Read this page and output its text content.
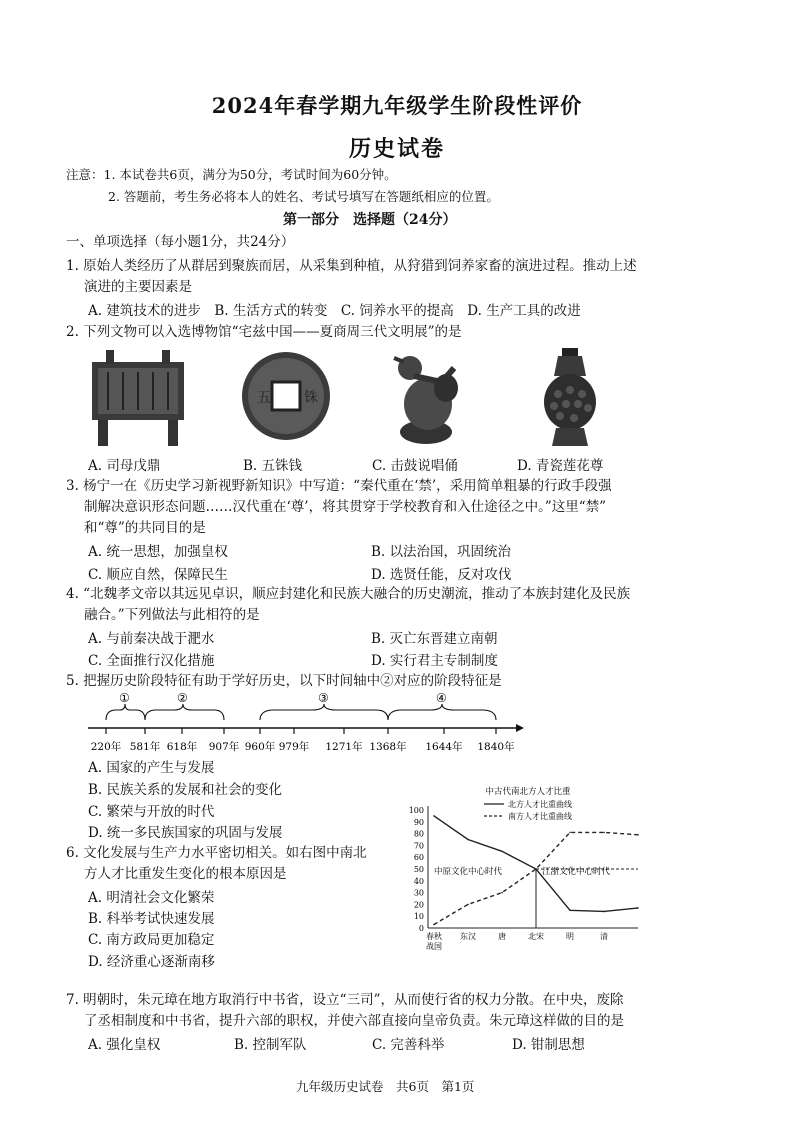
2024年春学期九年级学生阶段性评价
历史试卷
注意：1. 本试卷共6页，满分为50分，考试时间为60分钟。
2. 答题前，考生务必将本人的姓名、考试号填写在答题纸相应的位置。
第一部分　选择题（24分）
一、单项选择（每小题1分，共24分）
1. 原始人类经历了从群居到聚族而居，从采集到种植，从狩猎到饲养家畜的演进过程。推动上述
演进的主要因素是
A. 建筑技术的进步　B. 生活方式的转变　C. 饲养水平的提高　D. 生产工具的改进
2. 下列文物可以入选博物馆“宅兹中国——夏商周三代文明展”的是
五 铢
A. 司母戊鼎	B. 五铢钱	C. 击鼓说唱俑	D. 青瓷莲花尊
3. 杨宁一在《历史学习新视野新知识》中写道：“秦代重在‘禁’，采用简单粗暴的行政手段强
制解决意识形态问题……汉代重在‘尊’，将其贯穿于学校教育和入仕途径之中。”这里“禁”
和“尊”的共同目的是
A. 统一思想，加强皇权	B. 以法治国，巩固统治
C. 顺应自然，保障民生	D. 选贤任能，反对攻伐
4. “北魏孝文帝以其远见卓识，顺应封建化和民族大融合的历史潮流，推动了本族封建化及民族
融合。”下列做法与此相符的是
A. 与前秦决战于淝水	B. 灭亡东晋建立南朝
C. 全面推行汉化措施	D. 实行君主专制制度
5. 把握历史阶段特征有助于学好历史，以下时间轴中②对应的阶段特征是
①	②	③	④
220年 581年 618年 907年 960年 979年 1271年 1368年 1644年 1840年
A. 国家的产生与发展
B. 民族关系的发展和社会的变化
C. 繁荣与开放的时代
D. 统一多民族国家的巩固与发展
6. 文化发展与生产力水平密切相关。如右图中南北
方人才比重发生变化的根本原因是
A. 明清社会文化繁荣
B. 科举考试快速发展
C. 南方政局更加稳定
D. 经济重心逐渐南移
中古代南北方人才比重
北方人才比重曲线
南方人才比重曲线
0
10
20
30
40
50
60
70
80
90
100
春秋
战国
东汉	唐	北宋	明	清
中原文化中心时代	江浙文化中心时代
7. 明朝时，朱元璋在地方取消行中书省，设立“三司”，从而使行省的权力分散。在中央，废除
了丞相制度和中书省，提升六部的职权，并使六部直接向皇帝负责。朱元璋这样做的目的是
A. 强化皇权	B. 控制军队	C. 完善科举	D. 钳制思想
九年级历史试卷　共6页　第1页
